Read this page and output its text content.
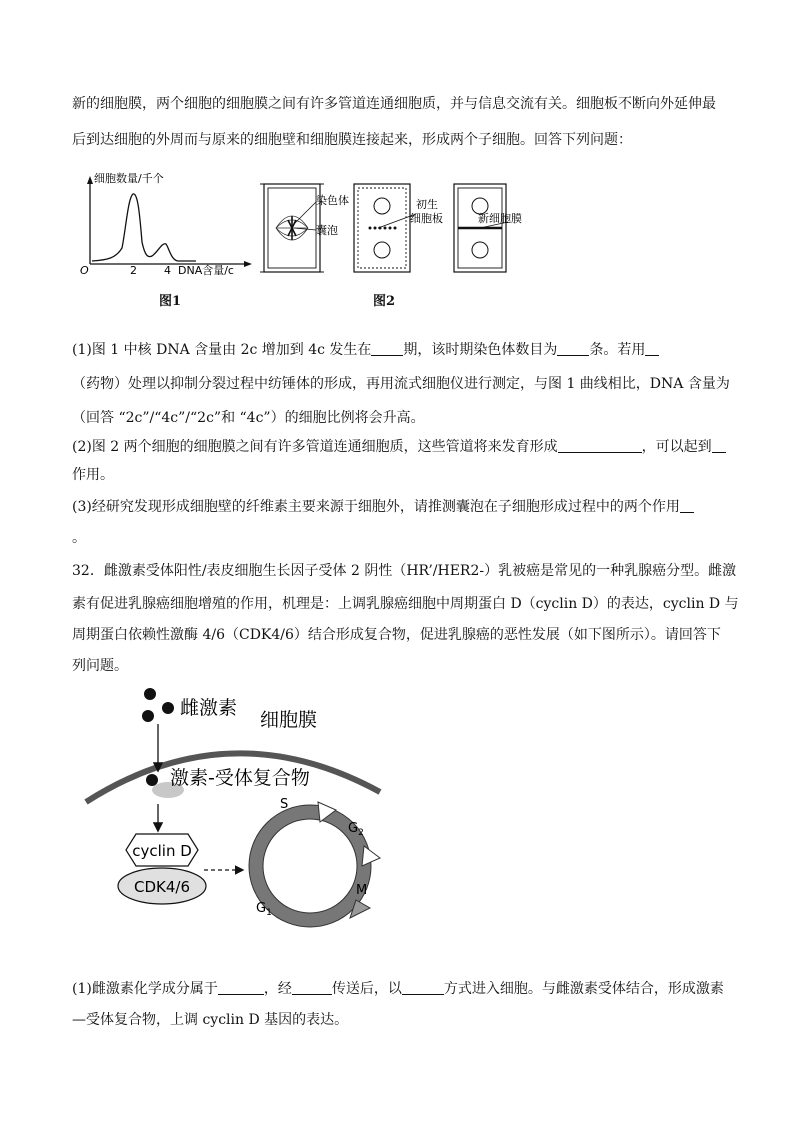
新的细胞膜，两个细胞的细胞膜之间有许多管道连通细胞质，并与信息交流有关。细胞板不断向外延伸最
后到达细胞的外周而与原来的细胞壁和细胞膜连接起来，形成两个子细胞。回答下列问题：
细胞数量/千个
O	2 4 DNA含量/c
图1
染色体
囊泡
初生
细胞板	新细胞膜
图2
(1)图 1 中核 DNA 含量由 2c 增加到 4c 发生在 期，该时期染色体数目为 条。若用
（药物）处理以抑制分裂过程中纺锤体的形成，再用流式细胞仪进行测定，与图 1 曲线相比，DNA 含量为
（回答 “2c”/“4c”/“2c”和 “4c”）的细胞比例将会升高。
(2)图 2 两个细胞的细胞膜之间有许多管道连通细胞质，这些管道将来发育形成	，可以起到
作用。
(3)经研究发现形成细胞壁的纤维素主要来源于细胞外，请推测囊泡在子细胞形成过程中的两个作用
。
32．雌激素受体阳性/表皮细胞生长因子受体 2 阴性（HR’/HER2-）乳被癌是常见的一种乳腺癌分型。雌激
素有促进乳腺癌细胞增殖的作用，机理是：上调乳腺癌细胞中周期蛋白 D（cyclin D）的表达，cyclin D 与
周期蛋白依赖性激酶 4/6（CDK4/6）结合形成复合物，促进乳腺癌的恶性发展（如下图所示）。请回答下
列问题。
雌激素
细胞膜
激素-受体复合物
cyclin D
CDK4/6
S
$G_2$
M
$G_1$
(1)雌激素化学成分属于	，经	传送后，以	方式进入细胞。与雌激素受体结合，形成激素
—受体复合物，上调 cyclin D 基因的表达。
